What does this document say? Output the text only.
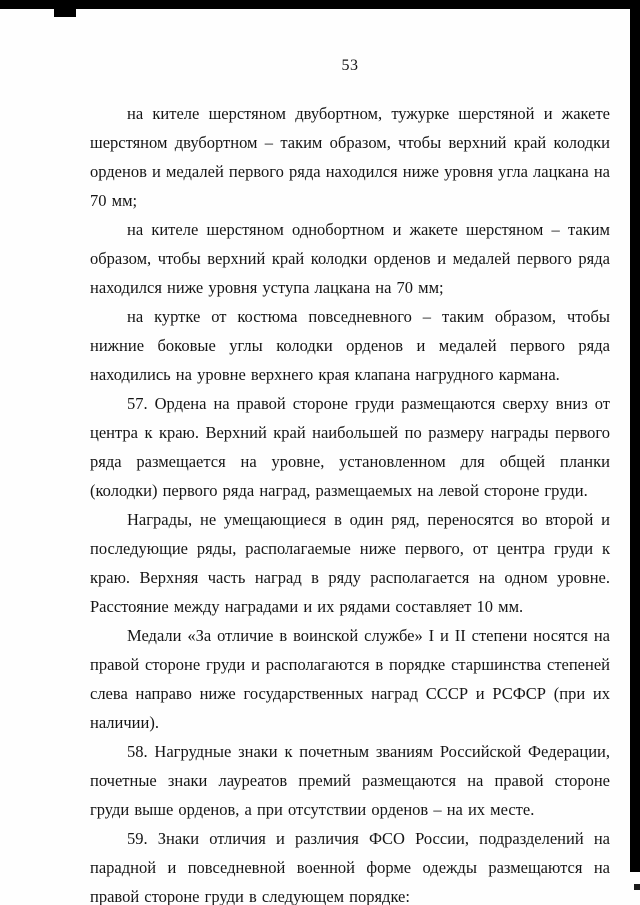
53

на кителе шерстяном двубортном, тужурке шерстяной и жакете шерстяном двубортном – таким образом, чтобы верхний край колодки орденов и медалей первого ряда находился ниже уровня угла лацкана на 70 мм;

на кителе шерстяном однобортном и жакете шерстяном – таким образом, чтобы верхний край колодки орденов и медалей первого ряда находился ниже уровня уступа лацкана на 70 мм;

на куртке от костюма повседневного – таким образом, чтобы нижние боковые углы колодки орденов и медалей первого ряда находились на уровне верхнего края клапана нагрудного кармана.

57. Ордена на правой стороне груди размещаются сверху вниз от центра к краю. Верхний край наибольшей по размеру награды первого ряда размещается на уровне, установленном для общей планки (колодки) первого ряда наград, размещаемых на левой стороне груди.

Награды, не умещающиеся в один ряд, переносятся во второй и последующие ряды, располагаемые ниже первого, от центра груди к краю. Верхняя часть наград в ряду располагается на одном уровне. Расстояние между наградами и их рядами составляет 10 мм.

Медали «За отличие в воинской службе» I и II степени носятся на правой стороне груди и располагаются в порядке старшинства степеней слева направо ниже государственных наград СССР и РСФСР (при их наличии).

58. Нагрудные знаки к почетным званиям Российской Федерации, почетные знаки лауреатов премий размещаются на правой стороне груди выше орденов, а при отсутствии орденов – на их месте.

59. Знаки отличия и различия ФСО России, подразделений на парадной и повседневной военной форме одежды размещаются на правой стороне груди в следующем порядке:
